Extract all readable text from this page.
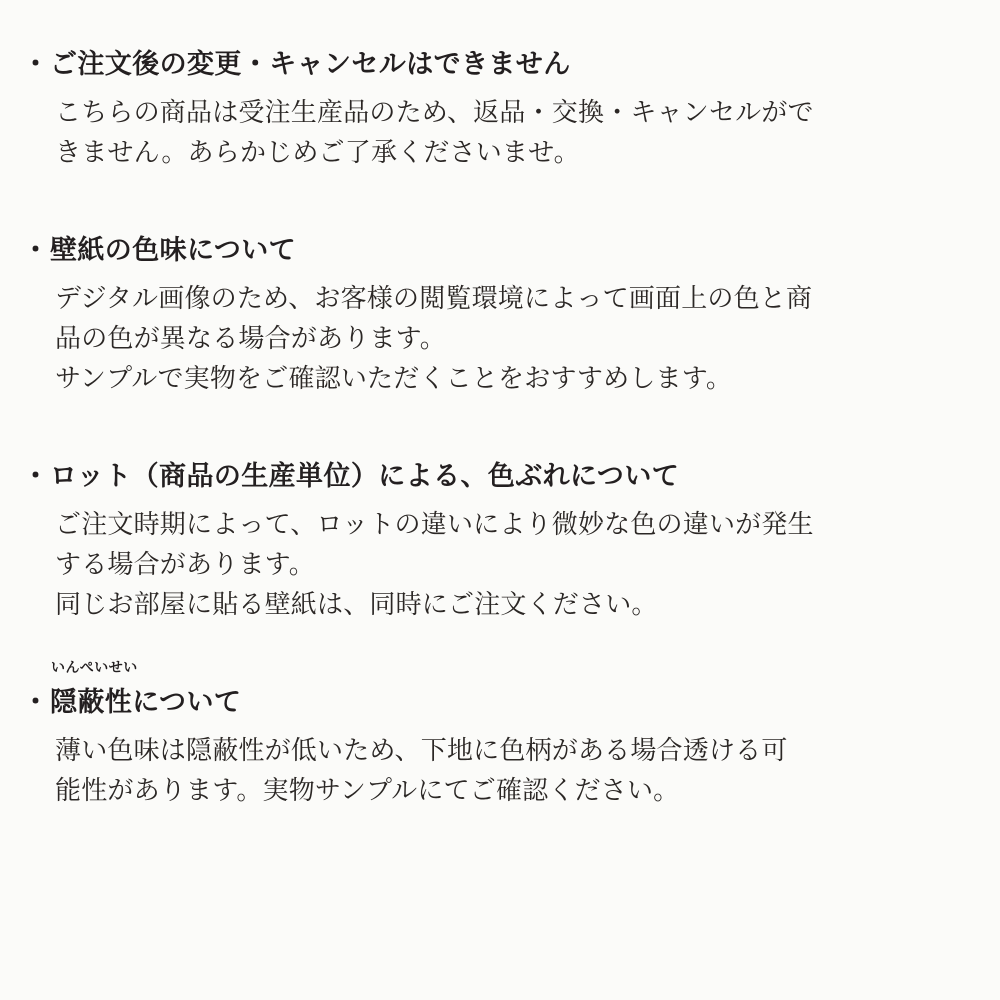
・ ご注文後の変更・キャンセルはできません
こちらの商品は受注生産品のため、返品・交換・キャンセルがで
きません。あらかじめご了承くださいませ。
・ 壁紙の色味について
デジタル画像のため、お客様の閲覧環境によって画面上の色と商
品の色が異なる場合があります。
サンプルで実物をご確認いただくことをおすすめします。
・ ロット（商品の生産単位）による、色ぶれについて
ご注文時期によって、ロットの違いにより微妙な色の違いが発生
する場合があります。
同じお部屋に貼る壁紙は、同時にご注文ください。
・
いんぺいせい
隠蔽性について
薄い色味は隠蔽性が低いため、下地に色柄がある場合透ける可
能性があります。実物サンプルにてご確認ください。
